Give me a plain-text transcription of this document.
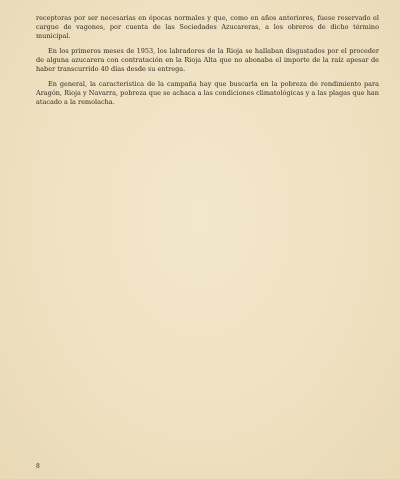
receptoras por ser necesarias en épocas normales y que, como en años anteriores, fuese reservado el cargue de vagones, por cuenta de las Sociedades Azucareras, a los obreros de dicho término municipal.

En los primeros meses de 1953, los labradores de la Rioja se hallaban disgustados por el proceder de alguna azucarera con contratación en la Rioja Alta que no abonaba el importe de la raíz apesar de haber transcurrido 40 días desde su entrega.

En general, la característica de la campaña hay que buscarla en la pobreza de rendimiento para Aragón, Rioja y Navarra, pobreza que se achaca a las condiciones climatológicas y a las plagas que han atacado a la remolacha.

8
